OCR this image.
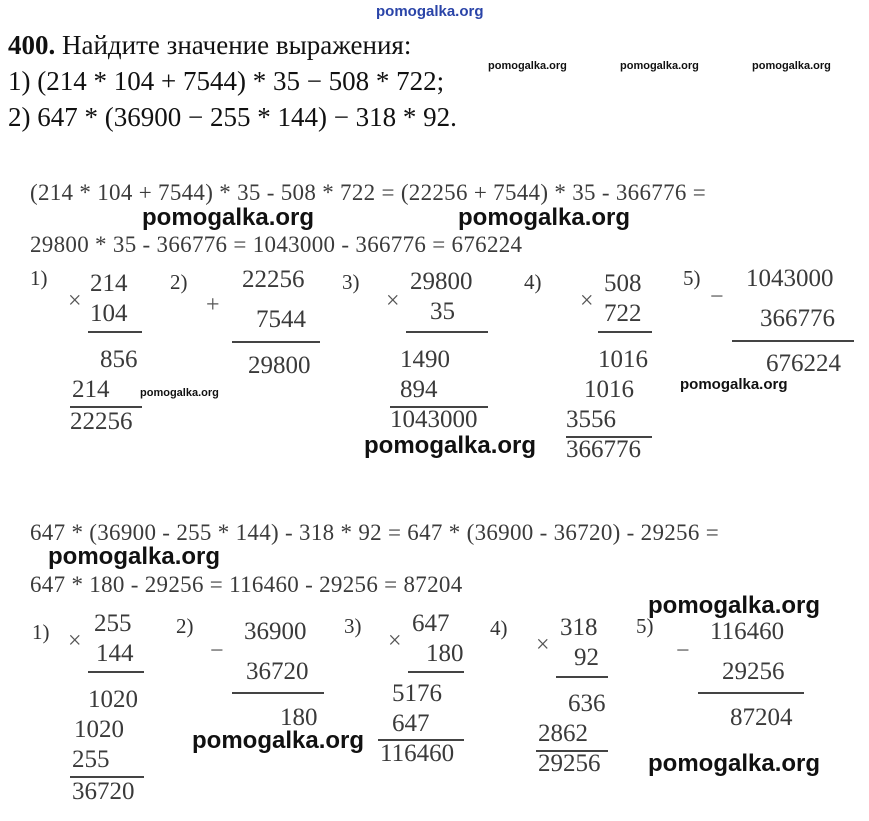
pomogalka.org
400. Найдите значение выражения:
1) (214 * 104 + 7544) * 35 − 508 * 722;
2) 647 * (36900 − 255 * 144) − 318 * 92.
pomogalka.org	pomogalka.org	pomogalka.org
(214 * 104 + 7544) * 35 - 508 * 722 = (22256 + 7544) * 35 - 366776 =
pomogalka.org	pomogalka.org
29800 * 35 - 366776 = 1043000 - 366776 = 676224
1)	2)	3)	4)	5)
×
214
104
856
214
22256
pomogalka.org
+
22256
7544
29800
×
29800
35
1490
894
1043000
×
508
722
1016
1016
3556
366776
−
1043000
366776
676224
pomogalka.org
pomogalka.org
647 * (36900 - 255 * 144) - 318 * 92 = 647 * (36900 - 36720) - 29256 =
pomogalka.org
647 * 180 - 29256 = 116460 - 29256 = 87204
pomogalka.org
1)	2)	3)	4)	5)
×
255
144
1020
1020
255
36720
−
36900
36720
180
×
647
180
5176
647
116460
×
318
92
636
2862
29256
−
116460
29256
87204
pomogalka.org
pomogalka.org
